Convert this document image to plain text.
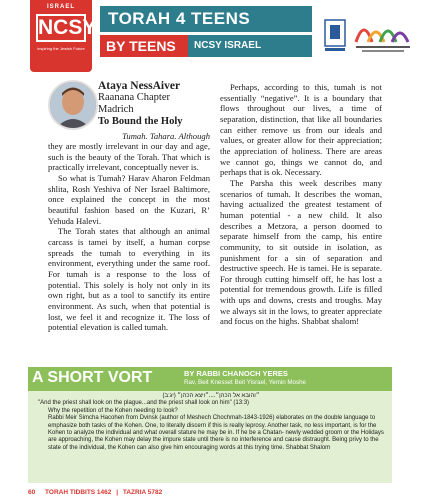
ISRAEL
NCSY
inspiring the Jewish Future
TORAH 4 TEENS
BY TEENS NCSY ISRAEL
Ataya NessAiver
Raanana Chapter
Madrich
To Bound the Holy

Tumah. Tahara. Although

they are mostly irrelevant in our day and age, such is the beauty of the Torah. That which is practically irrelevant, conceptually never is.

So what is Tumah? Harav Aharon Feldman shlita, Rosh Yeshiva of Ner Israel Baltimore, once explained the concept in the most beautiful fashion based on the Kuzari, R’ Yehuda Halevi.

The Torah states that although an animal carcass is tamei by itself, a human corpse spreads the tumah to everything in its environment, everything under the same roof. For tumah is a response to the loss of potential. This solely is holy not only in its own right, but as a tool to sanctify its entire environment. As such, when that potential is lost, we feel it and recognize it. The loss of potential elevation is called tumah.

Perhaps, according to this, tumah is not essentially “negative”. It is a boundary that flows throughout our lives, a time of separation, distinction, that like all boundaries can either remove us from our ideals and values, or greater allow for their appreciation; the appreciation of holiness. There are areas we cannot go, things we cannot do, and perhaps that is ok. Necessary.

The Parsha this week describes many scenarios of tumah. It describes the woman, having actualized the greatest testament of human potential - a new child. It also describes a Metzora, a person doomed to separate himself from the camp, his entire community, to sit outside in isolation, as punishment for a sin of separation and destructive speech. He is tamei. He is separate. For through cutting himself off, he has lost a potential for tremendous growth. Life is filled with ups and downs, crests and troughs. May we always sit in the lows, to greater appreciate and focus on the highs. Shabbat shalom!

A SHORT VORT	BY RABBI CHANOCH YERES
Rav, Beit Knesset Beit Yisrael, Yemin Moshe

״והובא אל הכהן״....״ויצא הכהן״ (יג:ב)

"And the priest shall look on the plague...and the priest shall look on him" (13:3)

Why the repetition of the Kohen needing to look?

Rabbi Meir Simcha Hacohen from Dvinsk (author of Meshech Chochmah-1843-1926) elaborates on the double language to emphasize both tasks of the Kohen. One, to literally discern if this is really leprosy. Another task, no less important, is for the Kohen to analyze the individual and what overall stature he may be in. If he be a Chatan- newly wedded groom or the Holidays are approaching, the Kohen may delay the impure state until there is no interference and cause distraught. Being privy to the state of the individual, the Kohen can also give him encouraging words at this trying time. Shabbat Shalom

60 TORAH TIDBITS 1462 | TAZRIA 5782
